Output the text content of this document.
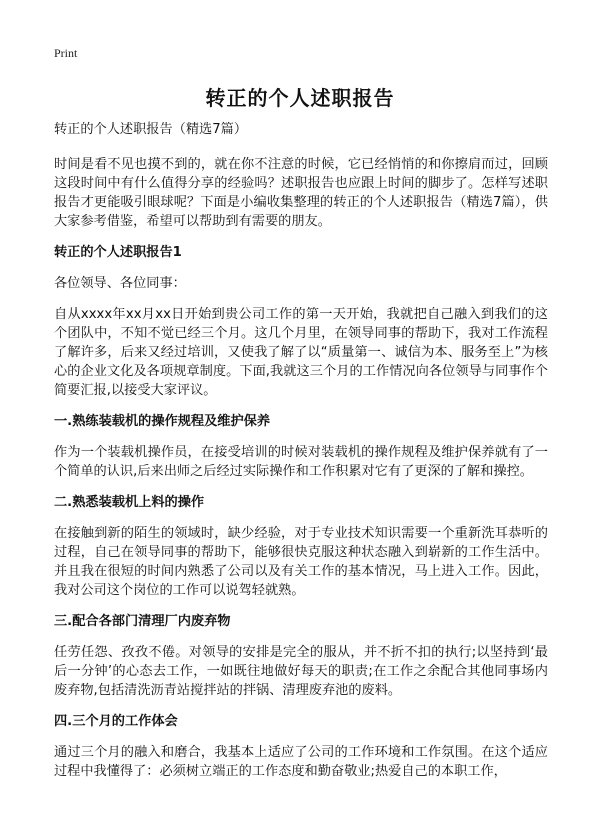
Print
转正的个人述职报告

转正的个人述职报告（精选7篇）

时间是看不见也摸不到的，就在你不注意的时候，它已经悄悄的和你擦肩而过，回顾这段时间中有什么值得分享的经验吗？述职报告也应跟上时间的脚步了。怎样写述职报告才更能吸引眼球呢？下面是小编收集整理的转正的个人述职报告（精选7篇），供大家参考借鉴，希望可以帮助到有需要的朋友。

转正的个人述职报告1

各位领导、各位同事：

自从xxxx年xx月xx日开始到贵公司工作的第一天开始，我就把自己融入到我们的这个团队中，不知不觉已经三个月。这几个月里，在领导同事的帮助下，我对工作流程了解许多，后来又经过培训，又使我了解了以“质量第一、诚信为本、服务至上”为核心的企业文化及各项规章制度。下面,我就这三个月的工作情况向各位领导与同事作个简要汇报,以接受大家评议。

一.熟练装载机的操作规程及维护保养

作为一个装载机操作员，在接受培训的时候对装载机的操作规程及维护保养就有了一个简单的认识,后来出师之后经过实际操作和工作积累对它有了更深的了解和操控。

二.熟悉装载机上料的操作

在接触到新的陌生的领域时，缺少经验，对于专业技术知识需要一个重新洗耳恭听的过程，自己在领导同事的帮助下，能够很快克服这种状态融入到崭新的工作生活中。并且我在很短的时间内熟悉了公司以及有关工作的基本情况，马上进入工作。因此，我对公司这个岗位的工作可以说驾轻就熟。

三.配合各部门清理厂内废弃物

任劳任怨、孜孜不倦。对领导的安排是完全的服从，并不折不扣的执行;以坚持到‘最后一分钟’的心态去工作，一如既往地做好每天的职责;在工作之余配合其他同事场内废弃物,包括清洗沥青站搅拌站的拌锅、清理废弃池的废料。

四.三个月的工作体会

通过三个月的融入和磨合，我基本上适应了公司的工作环境和工作氛围。在这个适应过程中我懂得了：必须树立端正的工作态度和勤奋敬业;热爱自己的本职工作，
